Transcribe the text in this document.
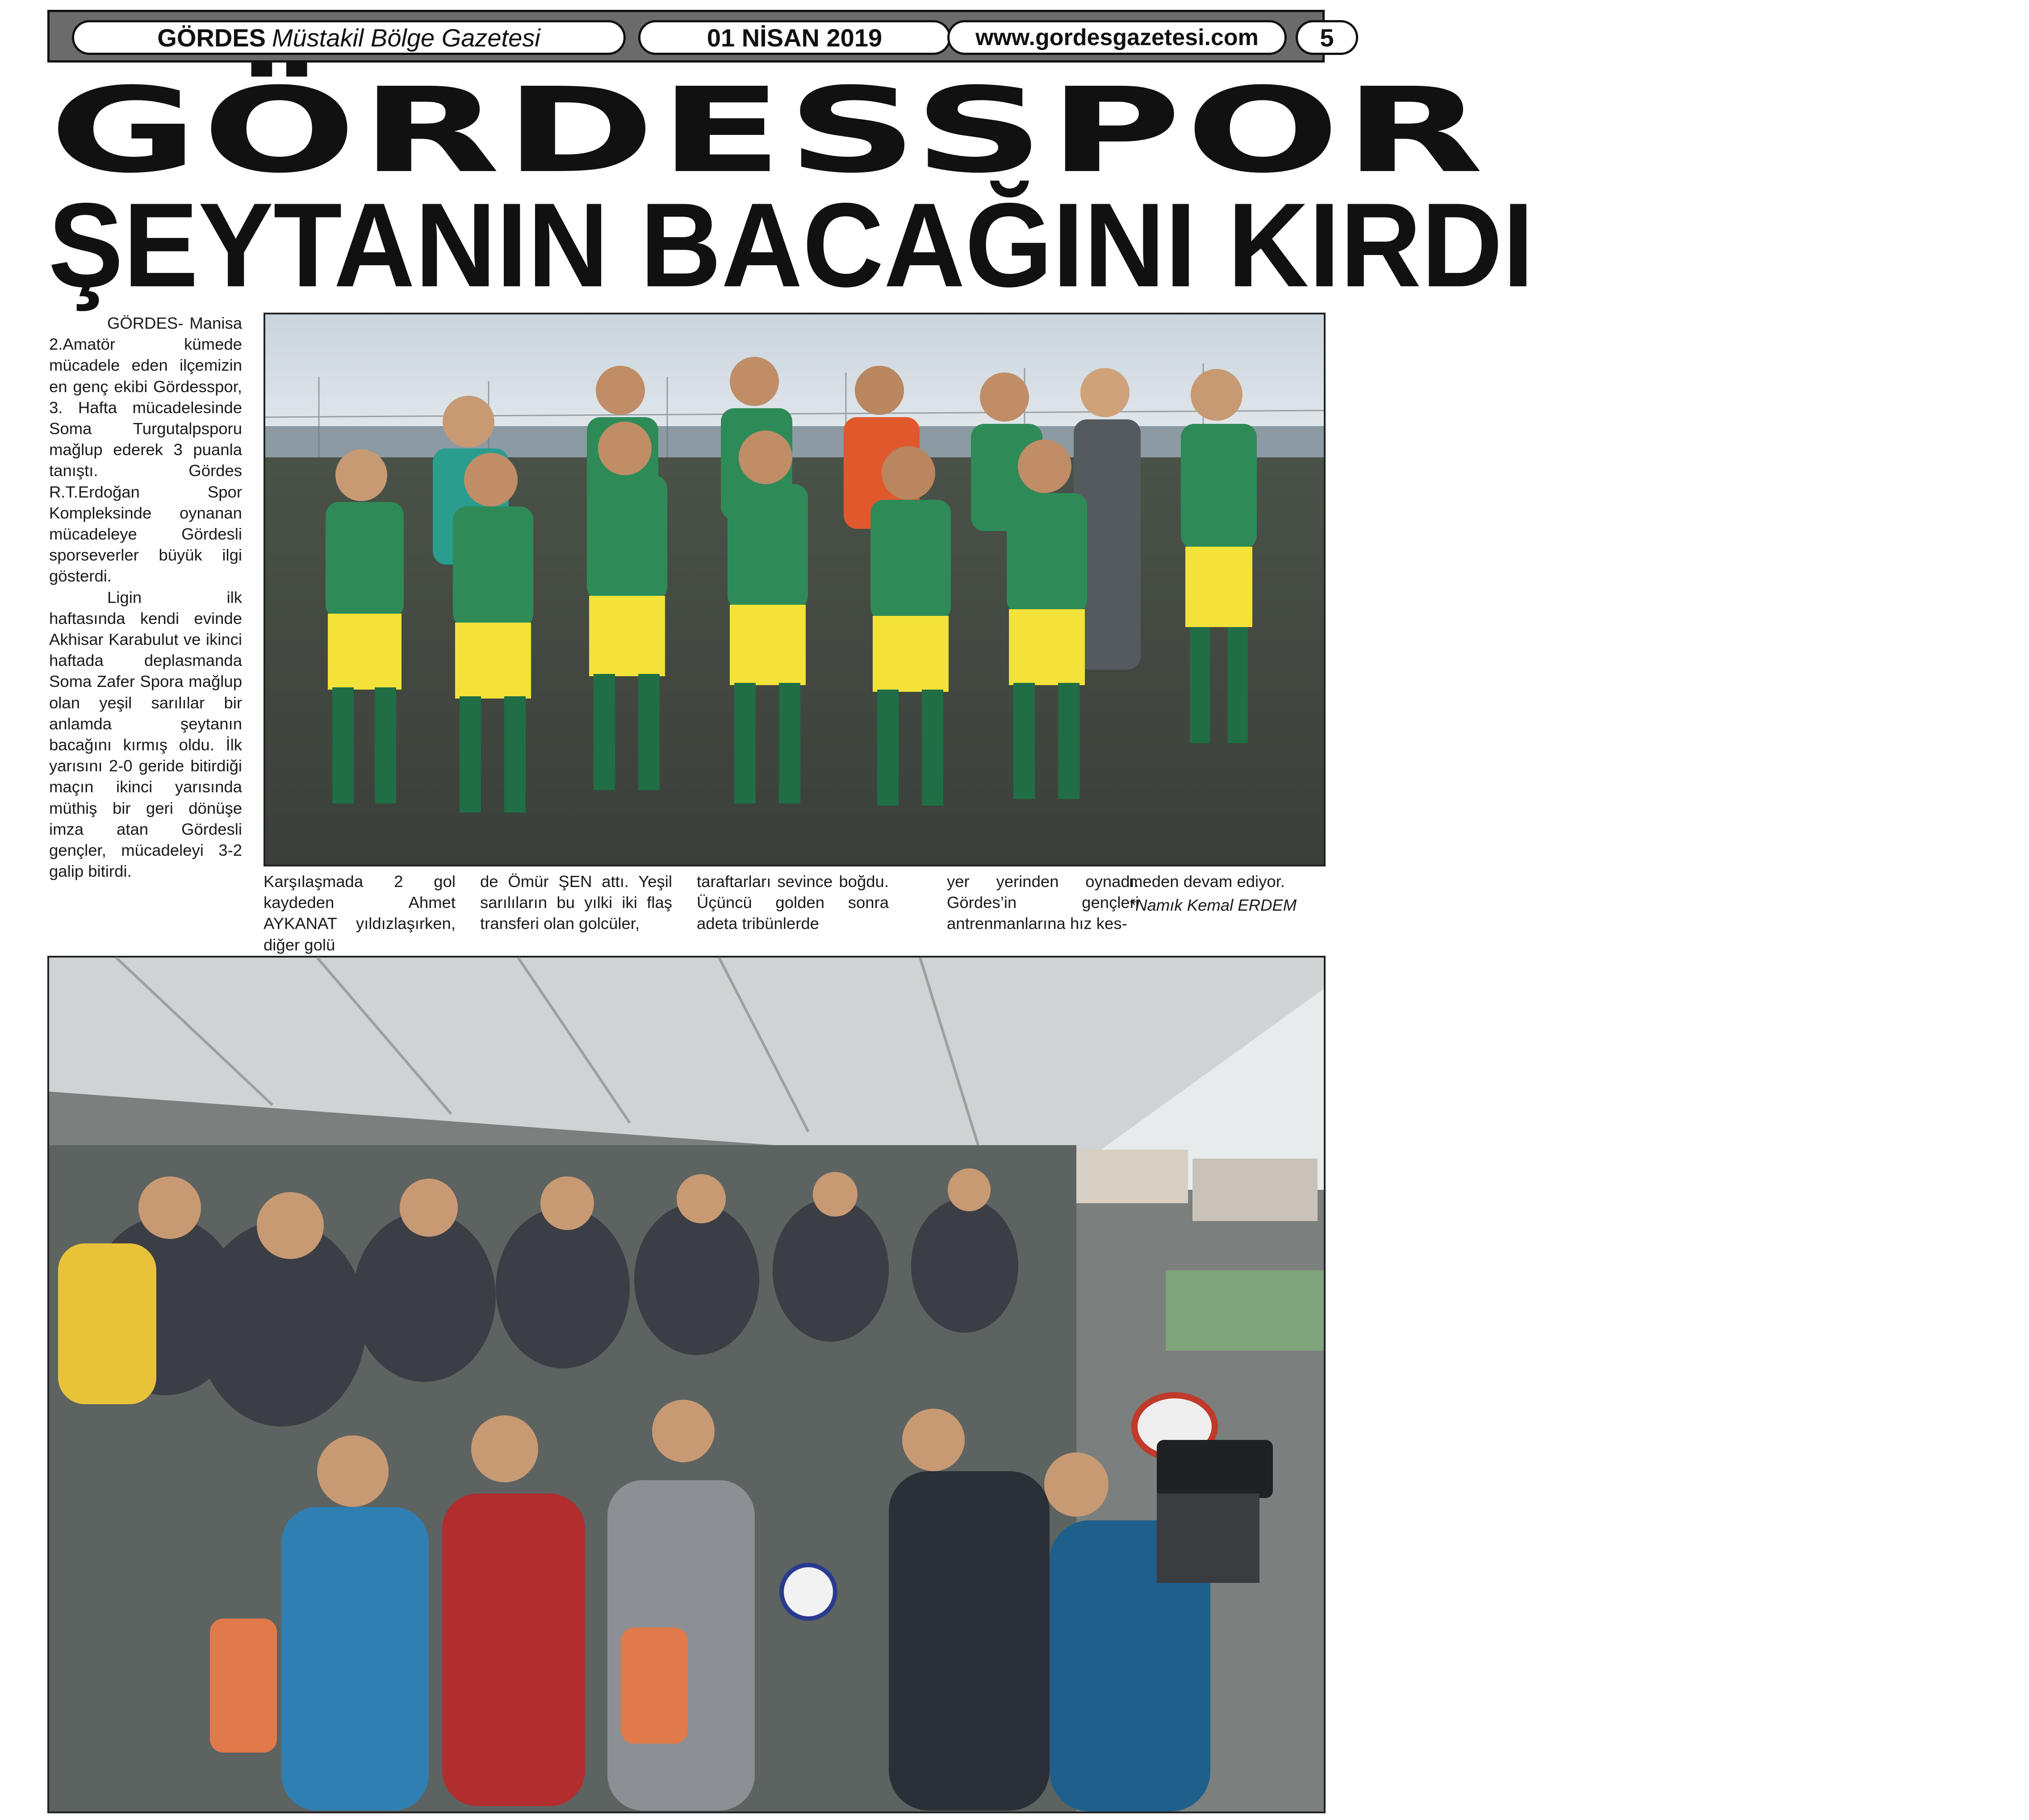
GÖRDES Müstakil Bölge Gazetesi	01 NİSAN 2019	www.gordesgazetesi.com	5
GÖRDESSPOR
ŞEYTANIN BACAĞINI KIRDI

GÖRDES- Manisa 2.Amatör kümede mücadele eden ilçemizin en genç ekibi Gördesspor, 3. Hafta mücadelesinde Soma Turgutalpsporu mağlup ederek 3 puanla tanıştı. Gördes R.T.Erdoğan Spor Kompleksinde oynanan mücadeleye Gördesli sporseverler büyük ilgi gösterdi.

Ligin ilk haftasında kendi evinde Akhisar Karabulut ve ikinci haftada deplasmanda Soma Zafer Spora mağlup olan yeşil sarılılar bir anlamda şeytanın bacağını kırmış oldu. İlk yarısını 2-0 geride bitirdiği maçın ikinci yarısında müthiş bir geri dönüşe imza atan Gördesli gençler, mücadeleyi 3-2 galip bitirdi.

Karşılaşmada 2 gol kaydeden Ahmet AYKANAT yıldızlaşırken, diğer golü
de Ömür ŞEN attı. Yeşil sarılıların bu yılki iki flaş transferi olan golcüler,
taraftarları sevince boğdu. Üçüncü golden sonra adeta tribünlerde
yer yerinden oynadı. Gördes’in gençleri antrenmanlarına hız kes-
meden devam ediyor.
*Namık Kemal ERDEM
